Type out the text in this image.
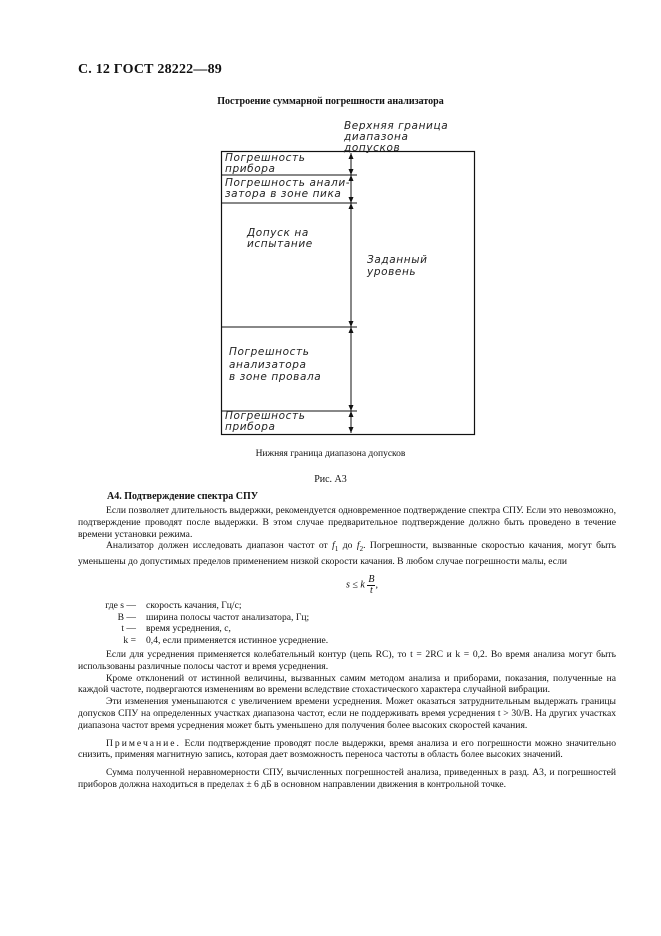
С. 12 ГОСТ 28222—89
Построение суммарной погрешности анализатора
Верхняя граница
диапазона
допусков
Погрешность
прибора
Погрешность анали-
затора в зоне пика
Допуск на
испытание
Погрешность
анализатора
в зоне провала
Погрешность
прибора
Заданный
уровень
Нижняя граница диапазона допусков
Рис. А3
А4. Подтверждение спектра СПУ

Если позволяет длительность выдержки, рекомендуется одновременное подтверждение спектра СПУ. Если это невозможно, подтверждение проводят после выдержки. В этом случае предварительное подтверждение должно быть проведено в течение времени установки режима.

Анализатор должен исследовать диапазон частот от $f_1$ до $f_2$. Погрешности, вызванные скоростью качания, могут быть уменьшены до допустимых пределов применением низкой скорости качания. В любом случае погрешности малы, если

s ≤ k $\frac{B}{t}$ ,
где s —	скорость качания, Гц/с;
B —	ширина полосы частот анализатора, Гц;
t —	время усреднения, с,
k =	0,4, если применяется истинное усреднение.

Если для усреднения применяется колебательный контур (цепь RC), то t = 2RC и k = 0,2. Во время анализа могут быть использованы различные полосы частот и время усреднения.

Кроме отклонений от истинной величины, вызванных самим методом анализа и приборами, показания, полученные на каждой частоте, подвергаются изменениям во времени вследствие стохастического характера случайной вибрации.

Эти изменения уменьшаются с увеличением времени усреднения. Может оказаться затруднительным выдержать границы допусков СПУ на определенных участках диапазона частот, если не поддерживать время усреднения t > 30/B. На других участках диапазона частот время усреднения может быть уменьшено для получения более высоких скоростей качания.

Примечание. Если подтверждение проводят после выдержки, время анализа и его погрешности можно значительно снизить, применяя магнитную запись, которая дает возможность переноса частоты в область более высоких значений.

Сумма полученной неравномерности СПУ, вычисленных погрешностей анализа, приведенных в разд. А3, и погрешностей приборов должна находиться в пределах ± 6 дБ в основном направлении движения в контрольной точке.
